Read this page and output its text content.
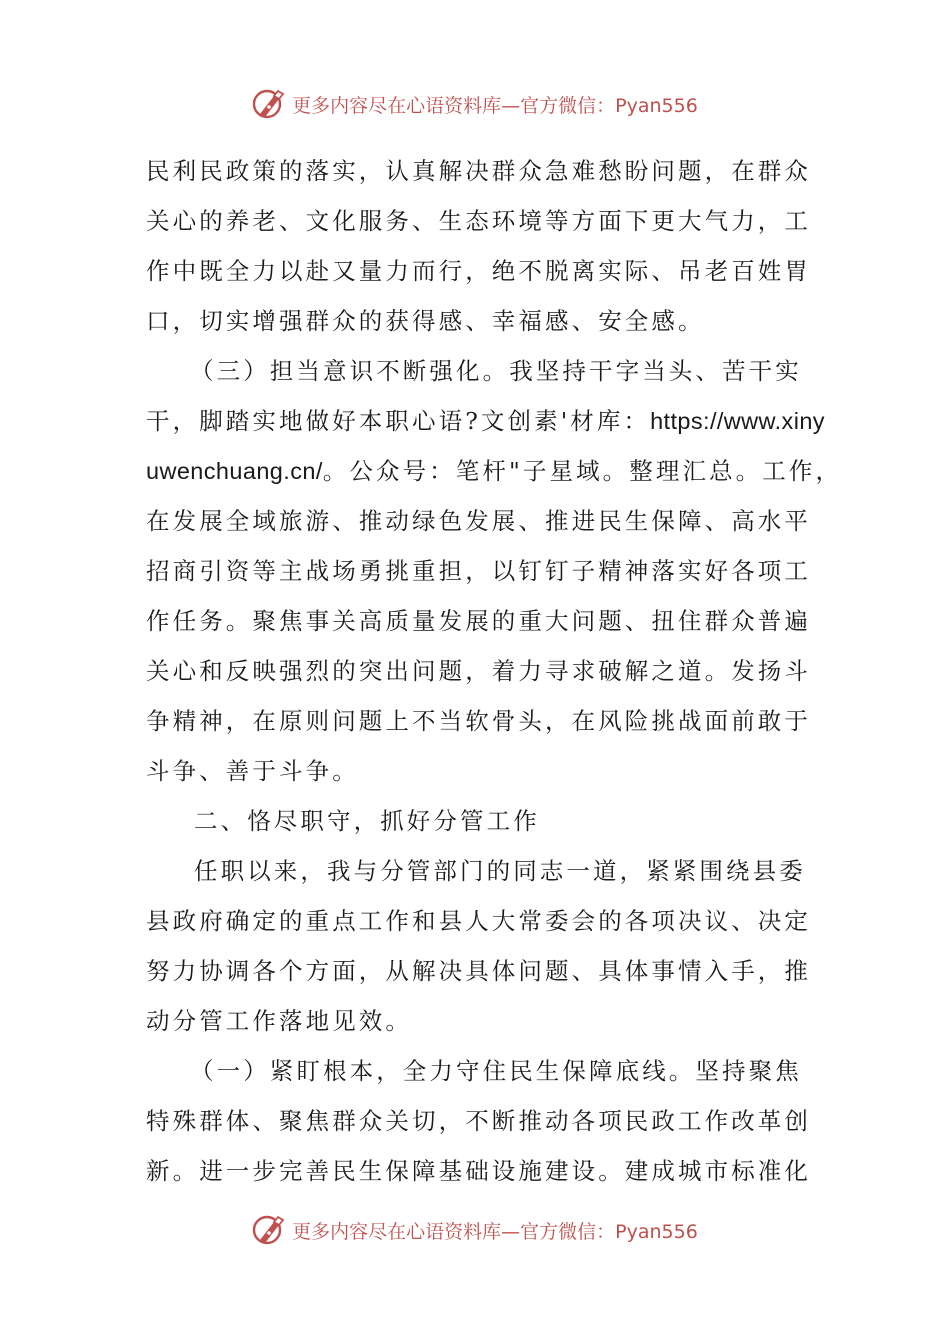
更多内容尽在心语资料库—官方微信：Pyan556
民利民政策的落实，认真解决群众急难愁盼问题，在群众
关心的养老、文化服务、生态环境等方面下更大气力，工
作中既全力以赴又量力而行，绝不脱离实际、吊老百姓胃
口，切实增强群众的获得感、幸福感、安全感。
（三）担当意识不断强化。我坚持干字当头、苦干实
干，脚踏实地做好本职心语?文创素'材库：https://www.xiny
uwenchuang.cn/。公众号：笔杆"子星域。整理汇总。工作，
在发展全域旅游、推动绿色发展、推进民生保障、高水平
招商引资等主战场勇挑重担，以钉钉子精神落实好各项工
作任务。聚焦事关高质量发展的重大问题、扭住群众普遍
关心和反映强烈的突出问题，着力寻求破解之道。发扬斗
争精神，在原则问题上不当软骨头，在风险挑战面前敢于
斗争、善于斗争。
二、恪尽职守，抓好分管工作
任职以来，我与分管部门的同志一道，紧紧围绕县委
县政府确定的重点工作和县人大常委会的各项决议、决定
努力协调各个方面，从解决具体问题、具体事情入手，推
动分管工作落地见效。
（一）紧盯根本，全力守住民生保障底线。坚持聚焦
特殊群体、聚焦群众关切，不断推动各项民政工作改革创
新。进一步完善民生保障基础设施建设。建成城市标准化
更多内容尽在心语资料库—官方微信：Pyan556
